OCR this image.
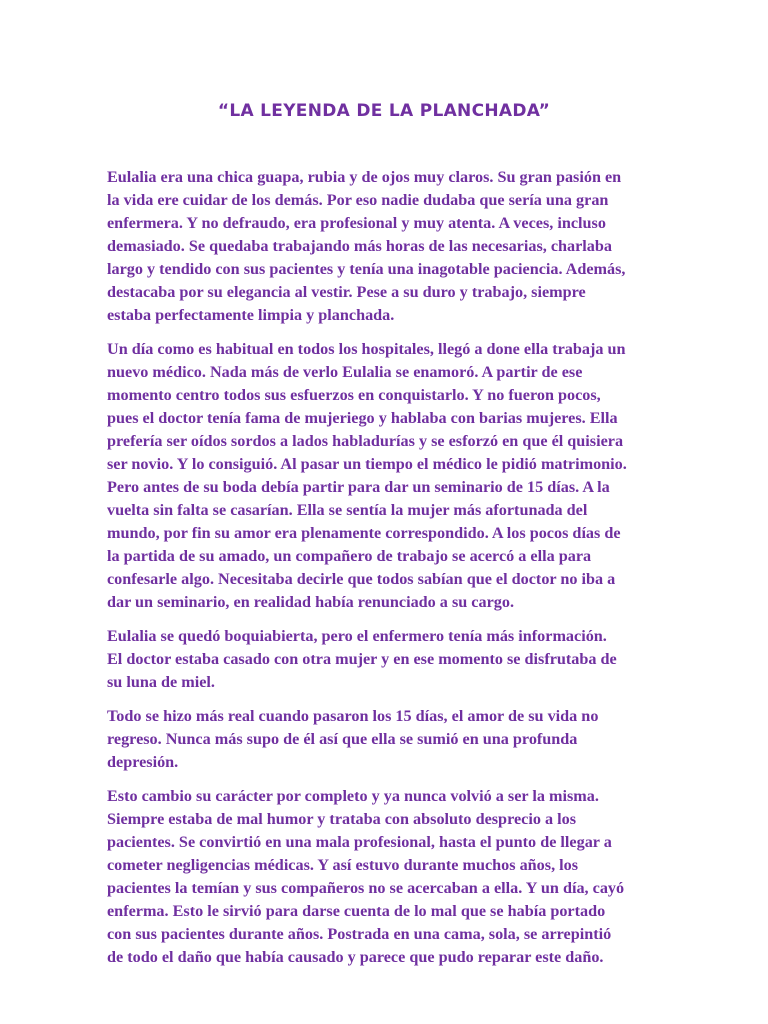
“LA LEYENDA DE LA PLANCHADA”

Eulalia era una chica guapa, rubia y de ojos muy claros. Su gran pasión en
la vida ere cuidar de los demás. Por eso nadie dudaba que sería una gran
enfermera. Y no defraudo, era profesional y muy atenta. A veces, incluso
demasiado. Se quedaba trabajando más horas de las necesarias, charlaba
largo y tendido con sus pacientes y tenía una inagotable paciencia. Además,
destacaba por su elegancia al vestir. Pese a su duro y trabajo, siempre
estaba perfectamente limpia y planchada.

Un día como es habitual en todos los hospitales, llegó a done ella trabaja un
nuevo médico. Nada más de verlo Eulalia se enamoró. A partir de ese
momento centro todos sus esfuerzos en conquistarlo. Y no fueron pocos,
pues el doctor tenía fama de mujeriego y hablaba con barias mujeres. Ella
prefería ser oídos sordos a lados habladurías y se esforzó en que él quisiera
ser novio. Y lo consiguió. Al pasar un tiempo el médico le pidió matrimonio.
Pero antes de su boda debía partir para dar un seminario de 15 días. A la
vuelta sin falta se casarían. Ella se sentía la mujer más afortunada del
mundo, por fin su amor era plenamente correspondido. A los pocos días de
la partida de su amado, un compañero de trabajo se acercó a ella para
confesarle algo. Necesitaba decirle que todos sabían que el doctor no iba a
dar un seminario, en realidad había renunciado a su cargo.

Eulalia se quedó boquiabierta, pero el enfermero tenía más información.
El doctor estaba casado con otra mujer y en ese momento se disfrutaba de
su luna de miel.

Todo se hizo más real cuando pasaron los 15 días, el amor de su vida no
regreso. Nunca más supo de él así que ella se sumió en una profunda
depresión.

Esto cambio su carácter por completo y ya nunca volvió a ser la misma.
Siempre estaba de mal humor y trataba con absoluto desprecio a los
pacientes. Se convirtió en una mala profesional, hasta el punto de llegar a
cometer negligencias médicas. Y así estuvo durante muchos años, los
pacientes la temían y sus compañeros no se acercaban a ella. Y un día, cayó
enferma. Esto le sirvió para darse cuenta de lo mal que se había portado
con sus pacientes durante años. Postrada en una cama, sola, se arrepintió
de todo el daño que había causado y parece que pudo reparar este daño.
